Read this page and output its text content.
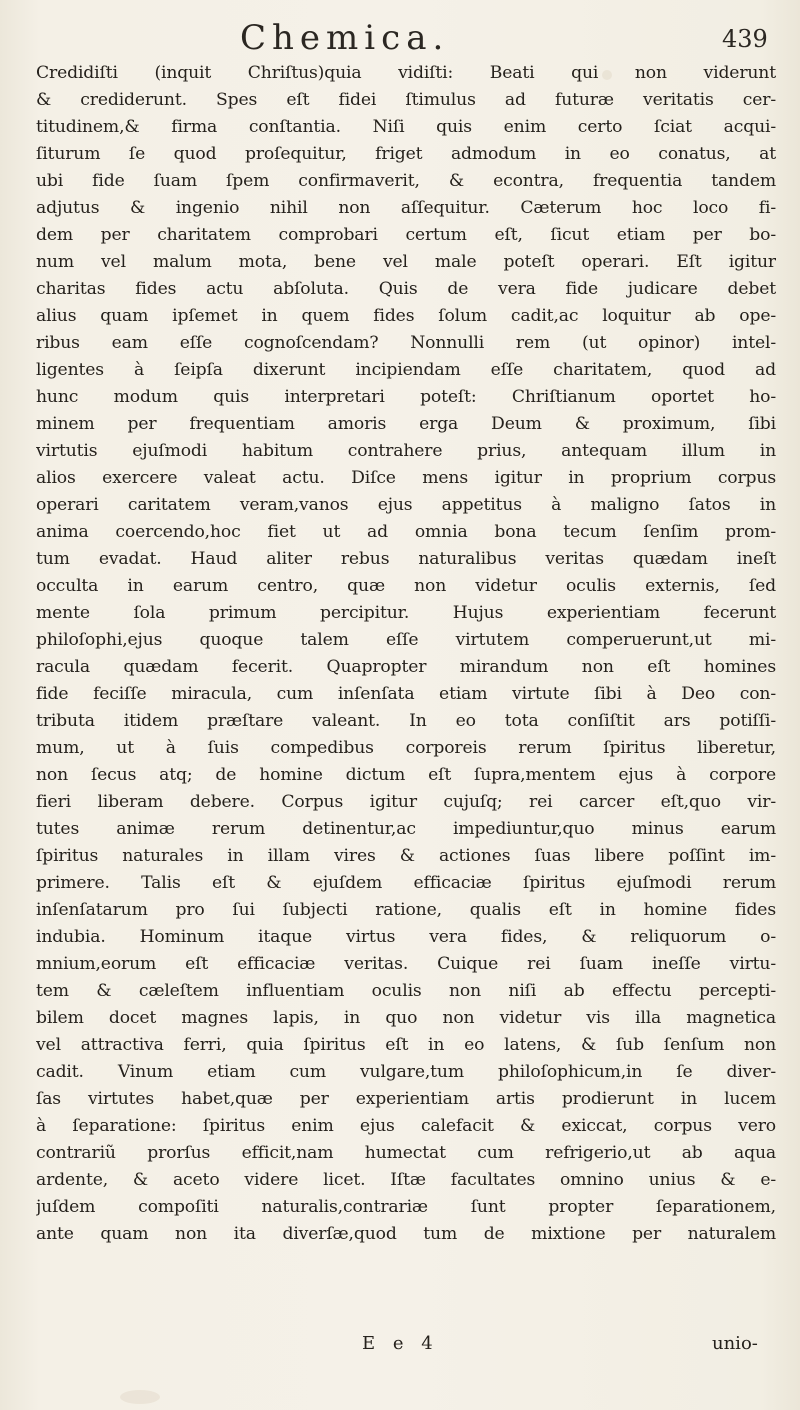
Chemica.	439
Credidiſti (inquit Chriſtus)quia vidiſti: Beati qui non viderunt
& crediderunt. Spes eſt fidei ſtimulus ad futuræ veritatis cer-
titudinem,& firma conſtantia. Niſi quis enim certo ſciat acqui-
ſiturum ſe quod proſequitur, friget admodum in eo conatus, at
ubi fide ſuam ſpem confirmaverit, & econtra, frequentia tandem
adjutus & ingenio nihil non aſſequitur. Cæterum hoc loco fi-
dem per charitatem comprobari certum eſt, ſicut etiam per bo-
num vel malum mota, bene vel male poteſt operari. Eſt igitur
charitas fides actu abſoluta. Quis de vera fide judicare debet
alius quam ipſemet in quem fides ſolum cadit,ac loquitur ab ope-
ribus eam eſſe cognoſcendam? Nonnulli rem (ut opinor) intel-
ligentes à ſeipſa dixerunt incipiendam eſſe charitatem, quod ad
hunc modum quis interpretari poteſt: Chriſtianum oportet ho-
minem per frequentiam amoris erga Deum & proximum, ſibi
virtutis ejuſmodi habitum contrahere prius, antequam illum in
alios exercere valeat actu. Diſce mens igitur in proprium corpus
operari caritatem veram,vanos ejus appetitus à maligno ſatos in
anima coercendo,hoc fiet ut ad omnia bona tecum ſenſim prom-
tum evadat. Haud aliter rebus naturalibus veritas quædam ineſt
occulta in earum centro, quæ non videtur oculis externis, ſed
mente ſola primum percipitur. Hujus experientiam fecerunt
philoſophi,ejus quoque talem eſſe virtutem comperuerunt,ut mi-
racula quædam fecerit. Quapropter mirandum non eſt homines
fide feciſſe miracula, cum inſenſata etiam virtute ſibi à Deo con-
tributa itidem præſtare valeant. In eo tota conſiſtit ars potiſſi-
mum, ut à ſuis compedibus corporeis rerum ſpiritus liberetur,
non ſecus atq; de homine dictum eſt ſupra,mentem ejus à corpore
fieri liberam debere. Corpus igitur cujuſq; rei carcer eſt,quo vir-
tutes animæ rerum detinentur,ac impediuntur,quo minus earum
ſpiritus naturales in illam vires & actiones ſuas libere poſſint im-
primere. Talis eſt & ejuſdem efficaciæ ſpiritus ejuſmodi rerum
inſenſatarum pro ſui ſubjecti ratione, qualis eſt in homine fides
indubia. Hominum itaque virtus vera fides, & reliquorum o-
mnium,eorum eſt efficaciæ veritas. Cuique rei ſuam ineſſe virtu-
tem & cæleſtem influentiam oculis non niſi ab effectu percepti-
bilem docet magnes lapis, in quo non videtur vis illa magnetica
vel attractiva ferri, quia ſpiritus eſt in eo latens, & ſub ſenſum non
cadit. Vinum etiam cum vulgare,tum philoſophicum,in ſe diver-
ſas virtutes habet,quæ per experientiam artis prodierunt in lucem
à ſeparatione: ſpiritus enim ejus calefacit & exiccat, corpus vero
contrariũ prorſus efficit,nam humectat cum refrigerio,ut ab aqua
ardente, & aceto videre licet. Iſtæ facultates omnino unius & e-
juſdem compoſiti naturalis,contrariæ ſunt propter ſeparationem,
ante quam non ita diverſæ,quod tum de mixtione per naturalem
E e 4	unio-
